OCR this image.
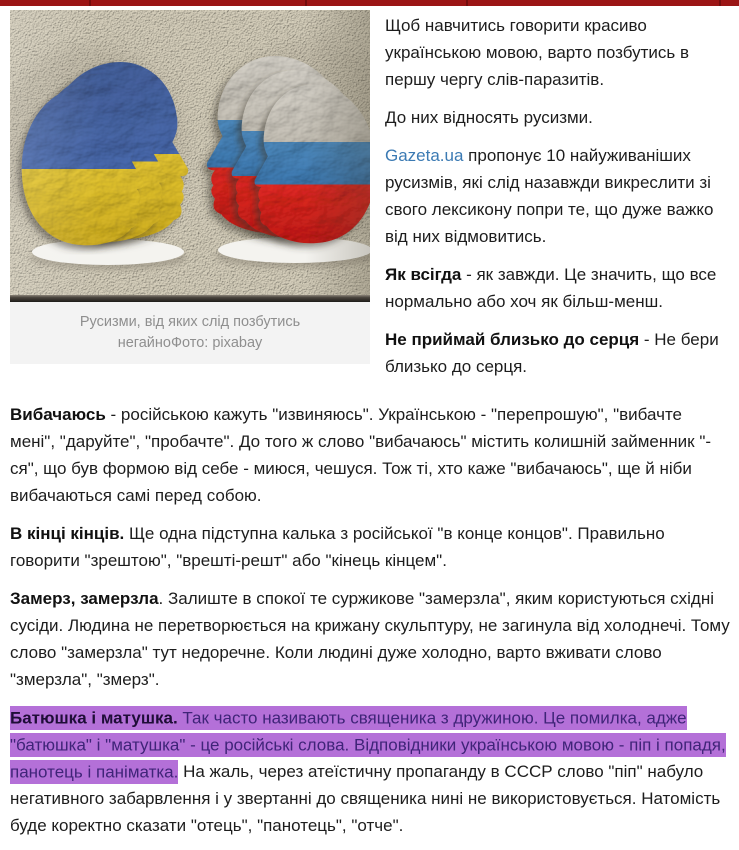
Русизми, від яких слід позбутись негайноФото: pixabay

Щоб навчитись говорити красиво українською мовою, варто позбутись в першу чергу слів-паразитів.

До них відносять русизми.

Gazeta.ua пропонує 10 найуживаніших русизмів, які слід назавжди викреслити зі свого лексикону попри те, що дуже важко від них відмовитись.

Як всігда - як завжди. Це значить, що все нормально або хоч як більш-менш.

Не приймай близько до серця - Не бери близько до серця.

Вибачаюсь - російською кажуть "извиняюсь". Українською - "перепрошую", "вибачте мені", "даруйте", "пробачте". До того ж слово "вибачаюсь" містить колишній займенник "-ся", що був формою від себе - миюся, чешуся. Тож ті, хто каже "вибачаюсь", ще й ніби вибачаються самі перед собою.

В кінці кінців. Ще одна підступна калька з російської "в конце концов". Правильно говорити "зрештою", "врешті-решт" або "кінець кінцем".

Замерз, замерзла. Залиште в спокої те суржикове "замерзла", яким користуються східні сусіди. Людина не перетворюється на крижану скульптуру, не загинула від холоднечі. Тому слово "замерзла" тут недоречне. Коли людині дуже холодно, варто вживати слово "змерзла", "змерз".

Батюшка і матушка. Так часто називають священика з дружиною. Це помилка, адже "батюшка" і "матушка" - це російські слова. Відповідники українською мовою - піп і попадя, панотець і паніматка. На жаль, через атеїстичну пропаганду в СССР слово "піп" набуло негативного забарвлення і у звертанні до священика нині не використовується. Натомість буде коректно сказати "отець", "панотець", "отче".
